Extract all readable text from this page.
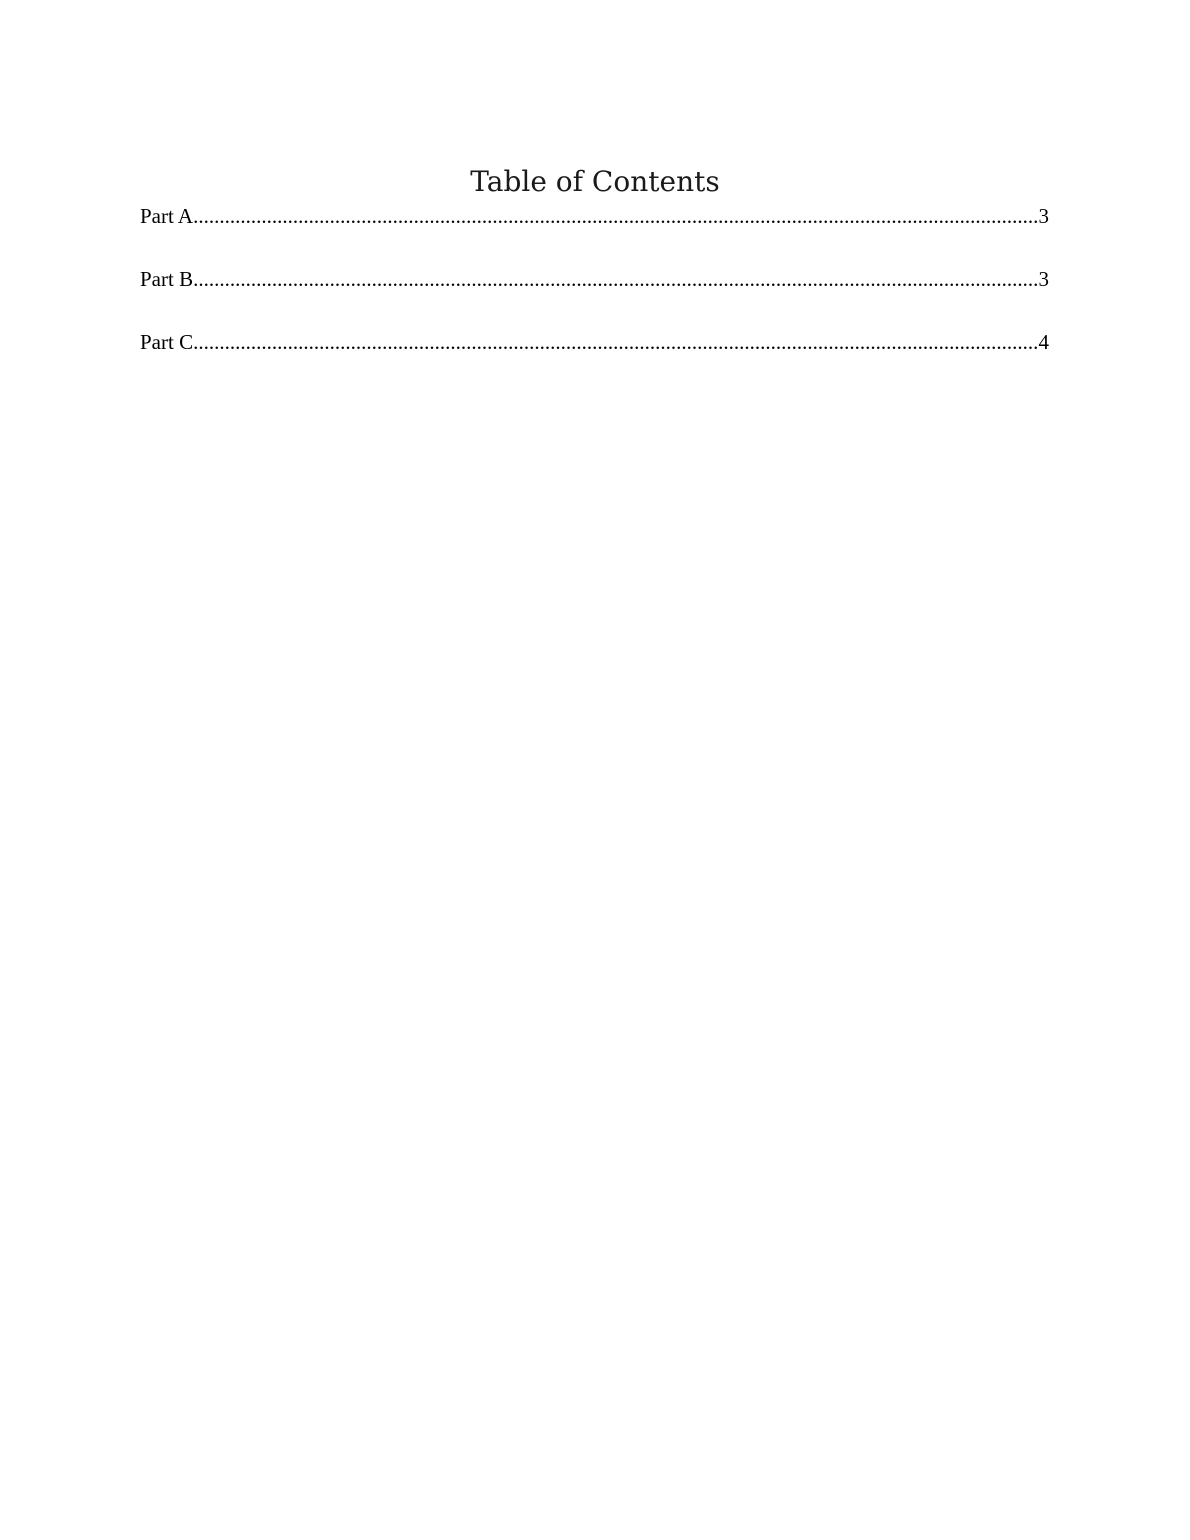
Table of Contents
Part A .....	3
Part B .....	3
Part C .....	4
